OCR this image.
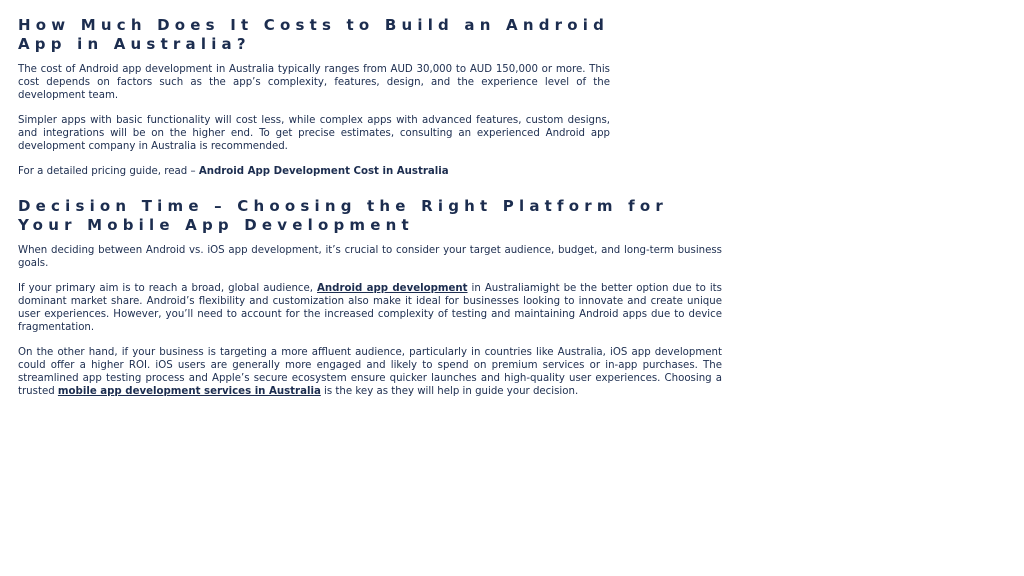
How Much Does It Costs to Build an Android
App in Australia?

The cost of Android app development in Australia typically ranges from AUD 30,000 to AUD 150,000 or more. This cost depends on factors such as the app’s complexity, features, design, and the experience level of the development team.

Simpler apps with basic functionality will cost less, while complex apps with advanced features, custom designs, and integrations will be on the higher end. To get precise estimates, consulting an experienced Android app development company in Australia is recommended.

For a detailed pricing guide, read – Android App Development Cost in Australia

Decision Time – Choosing the Right Platform for
Your Mobile App Development

When deciding between Android vs. iOS app development, it’s crucial to consider your target audience, budget, and long-term business goals.

If your primary aim is to reach a broad, global audience, Android app development in Australiamight be the better option due to its dominant market share. Android’s flexibility and customization also make it ideal for businesses looking to innovate and create unique user experiences. However, you’ll need to account for the increased complexity of testing and maintaining Android apps due to device fragmentation.

On the other hand, if your business is targeting a more affluent audience, particularly in countries like Australia, iOS app development could offer a higher ROI. iOS users are generally more engaged and likely to spend on premium services or in-app purchases. The streamlined app testing process and Apple’s secure ecosystem ensure quicker launches and high-quality user experiences. Choosing a trusted mobile app development services in Australia is the key as they will help in guide your decision.
